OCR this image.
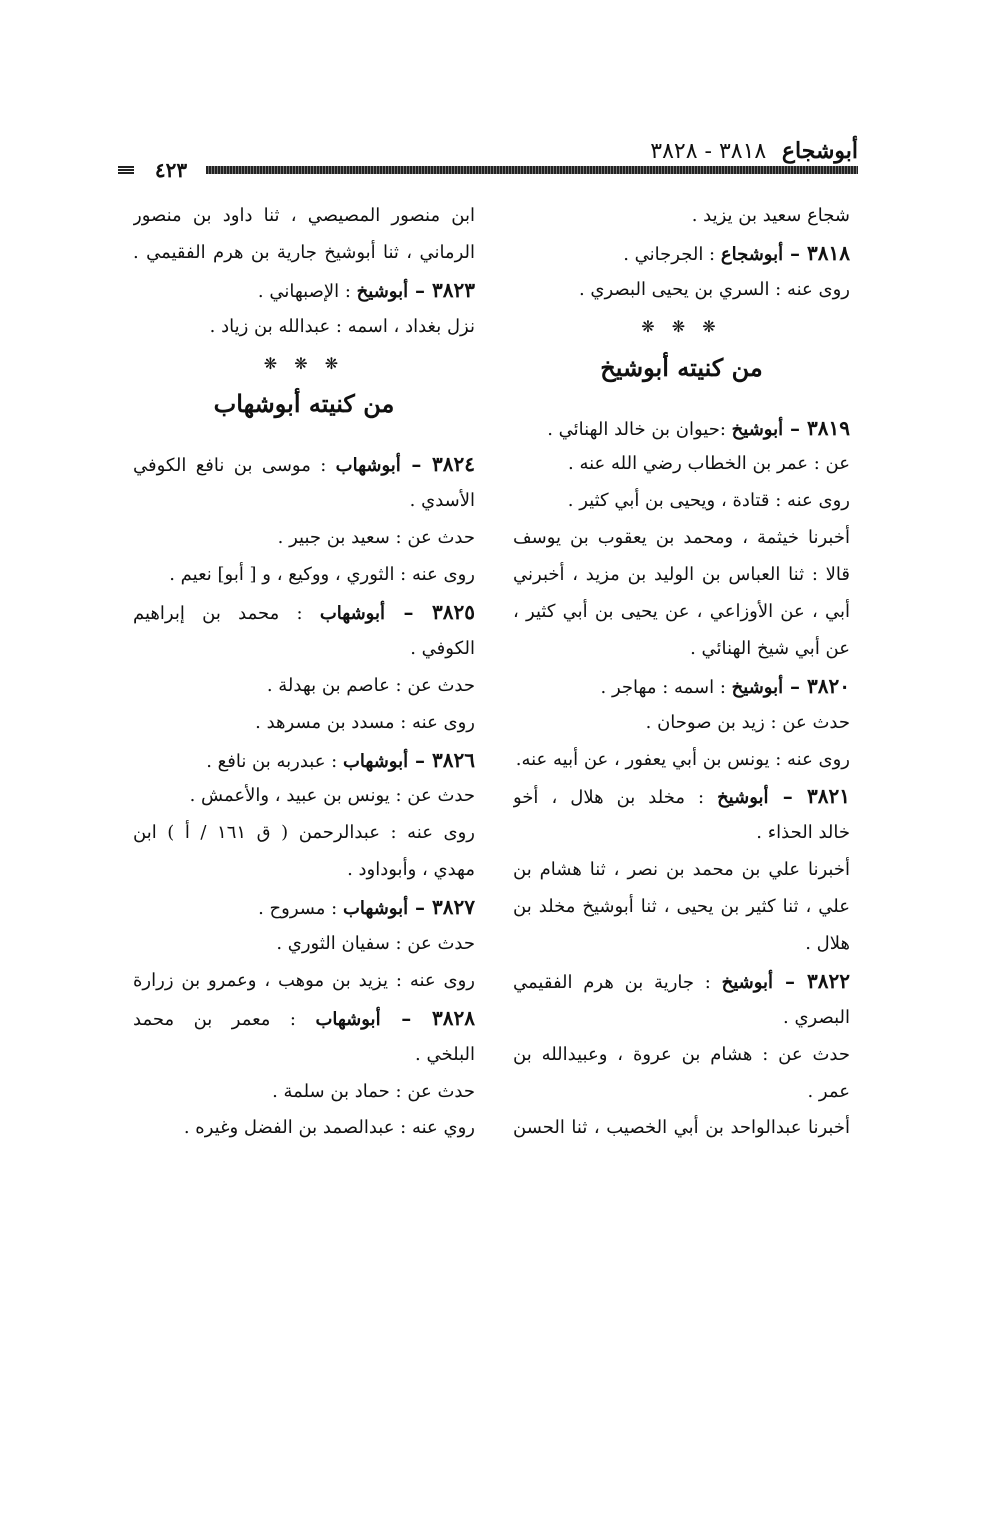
أبوشجاع ٣٨١٨ - ٣٨٢٨
٤٢٣
شجاع سعيد بن يزيد .
٣٨١٨ – أبوشجاع : الجرجاني .
روى عنه : السري بن يحيى البصري .
❋ ❋ ❋
من كنيته أبوشيخ
٣٨١٩ – أبوشيخ :حيوان بن خالد الهنائي .
عن : عمر بن الخطاب رضي الله عنه .
روى عنه : قتادة ، ويحيى بن أبي كثير .
أخبرنا خيثمة ، ومحمد بن يعقوب بن يوسف
قالا : ثنا العباس بن الوليد بن مزيد ، أخبرني
أبي ، عن الأوزاعي ، عن يحيى بن أبي كثير ،
عن أبي شيخ الهنائي .
٣٨٢٠ – أبوشيخ : اسمه : مهاجر .
حدث عن : زيد بن صوحان .
روى عنه : يونس بن أبي يعفور ، عن أبيه عنه.
٣٨٢١ – أبوشيخ : مخلد بن هلال ، أخو
خالد الحذاء .
أخبرنا علي بن محمد بن نصر ، ثنا هشام بن
علي ، ثنا كثير بن يحيى ، ثنا أبوشيخ مخلد بن
هلال .
٣٨٢٢ – أبوشيخ : جارية بن هرم الفقيمي
البصري .
حدث عن : هشام بن عروة ، وعبيدالله بن
عمر .
أخبرنا عبدالواحد بن أبي الخصيب ، ثنا الحسن
ابن منصور المصيصي ، ثنا داود بن منصور
الرماني ، ثنا أبوشيخ جارية بن هرم الفقيمي .
٣٨٢٣ – أبوشيخ : الإصبهاني .
نزل بغداد ، اسمه : عبدالله بن زياد .
❋ ❋ ❋
من كنيته أبوشهاب
٣٨٢٤ – أبوشهاب : موسى بن نافع الكوفي
الأسدي .
حدث عن : سعيد بن جبير .
روى عنه : الثوري ، ووكيع ، و [ أبو] نعيم .
٣٨٢٥ – أبوشهاب : محمد بن إبراهيم
الكوفي .
حدث عن : عاصم بن بهدلة .
روى عنه : مسدد بن مسرهد .
٣٨٢٦ – أبوشهاب : عبدربه بن نافع .
حدث عن : يونس بن عبيد ، والأعمش .
روى عنه : عبدالرحمن ( ق ١٦١ / أ ) ابن
مهدي ، وأبوداود .
٣٨٢٧ – أبوشهاب : مسروح .
حدث عن : سفيان الثوري .
روى عنه : يزيد بن موهب ، وعمرو بن زرارة
٣٨٢٨ – أبوشهاب : معمر بن محمد
البلخي .
حدث عن : حماد بن سلمة .
روي عنه : عبدالصمد بن الفضل وغيره .
